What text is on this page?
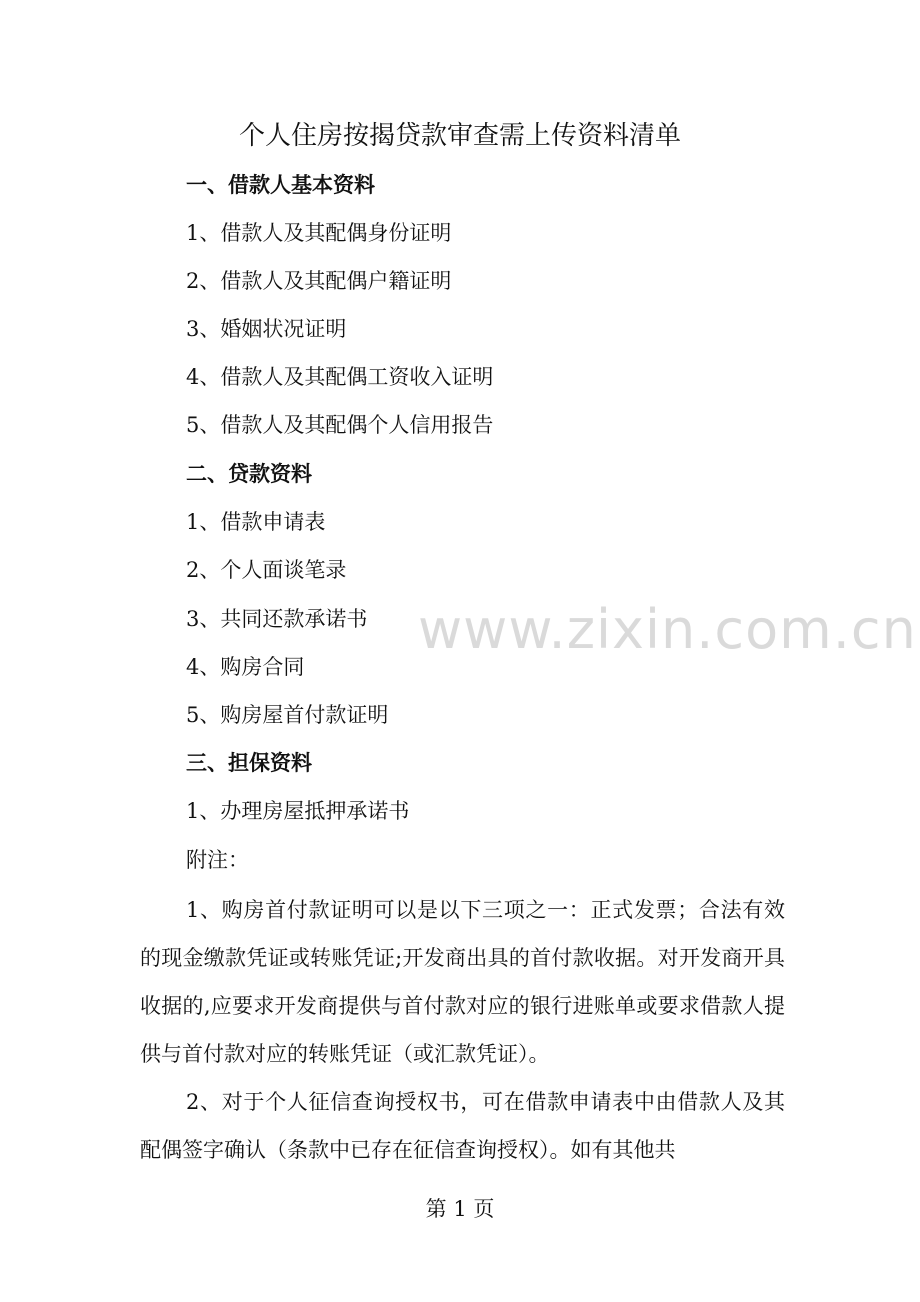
个人住房按揭贷款审查需上传资料清单
一、借款人基本资料
1、借款人及其配偶身份证明
2、借款人及其配偶户籍证明
3、婚姻状况证明
4、借款人及其配偶工资收入证明
5、借款人及其配偶个人信用报告
二、贷款资料
1、借款申请表
2、个人面谈笔录
3、共同还款承诺书
4、购房合同
5、购房屋首付款证明
三、担保资料
1、办理房屋抵押承诺书
附注：
1、购房首付款证明可以是以下三项之一：正式发票；合法有效的现金缴款凭证或转账凭证;开发商出具的首付款收据。对开发商开具收据的,应要求开发商提供与首付款对应的银行进账单或要求借款人提供与首付款对应的转账凭证（或汇款凭证）。
2、对于个人征信查询授权书，可在借款申请表中由借款人及其配偶签字确认（条款中已存在征信查询授权）。如有其他共
www.zixin.com.cn
第 1 页
